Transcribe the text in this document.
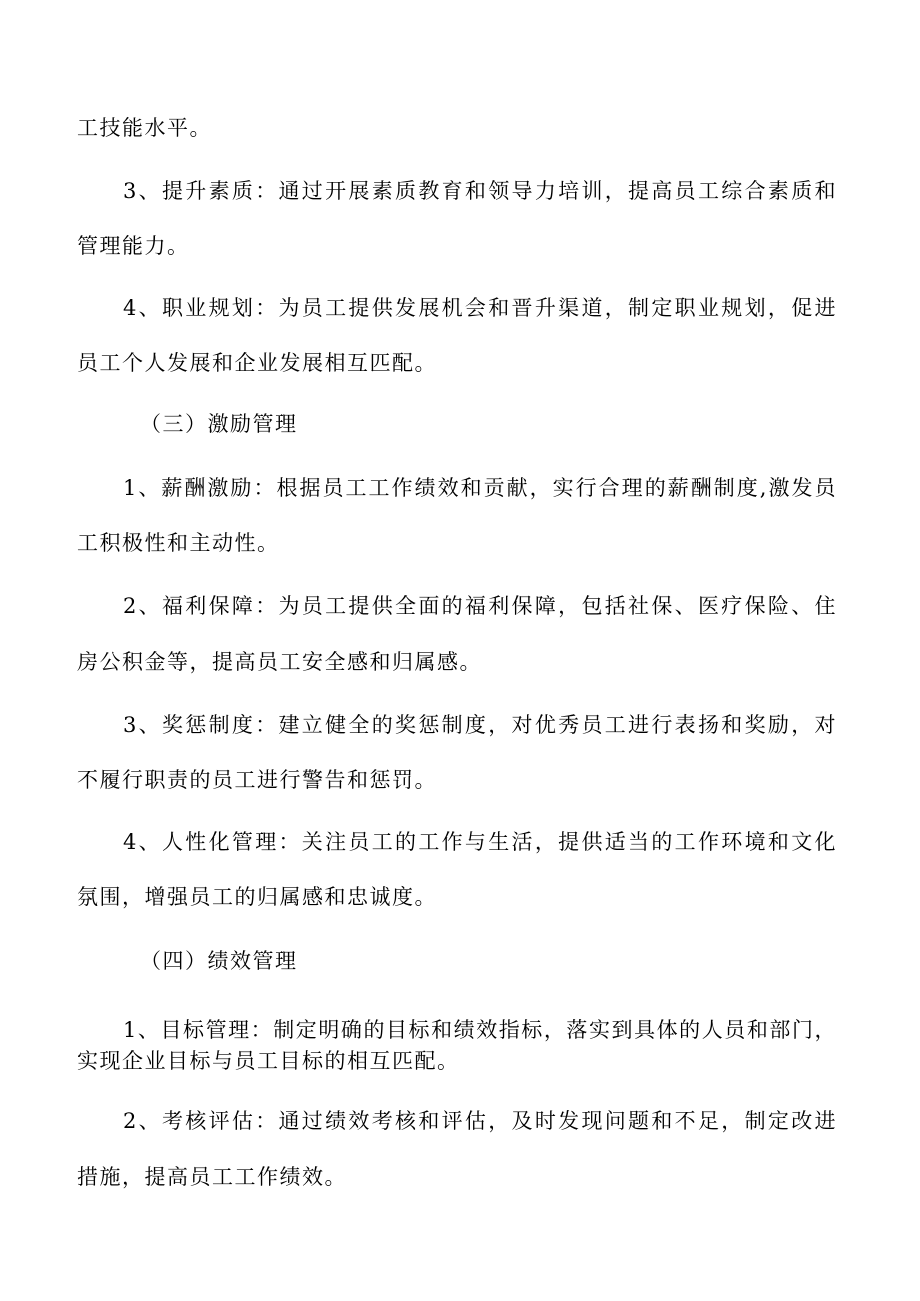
工技能水平。
3、提升素质：通过开展素质教育和领导力培训，提高员工综合素质和
管理能力。
4、职业规划：为员工提供发展机会和晋升渠道，制定职业规划，促进
员工个人发展和企业发展相互匹配。
（三）激励管理
1、薪酬激励：根据员工工作绩效和贡献，实行合理的薪酬制度,激发员
工积极性和主动性。
2、福利保障：为员工提供全面的福利保障，包括社保、医疗保险、住
房公积金等，提高员工安全感和归属感。
3、奖惩制度：建立健全的奖惩制度，对优秀员工进行表扬和奖励，对
不履行职责的员工进行警告和惩罚。
4、人性化管理：关注员工的工作与生活，提供适当的工作环境和文化
氛围，增强员工的归属感和忠诚度。
（四）绩效管理
1、目标管理：制定明确的目标和绩效指标，落实到具体的人员和部门，
实现企业目标与员工目标的相互匹配。
2、考核评估：通过绩效考核和评估，及时发现问题和不足，制定改进
措施，提高员工工作绩效。
